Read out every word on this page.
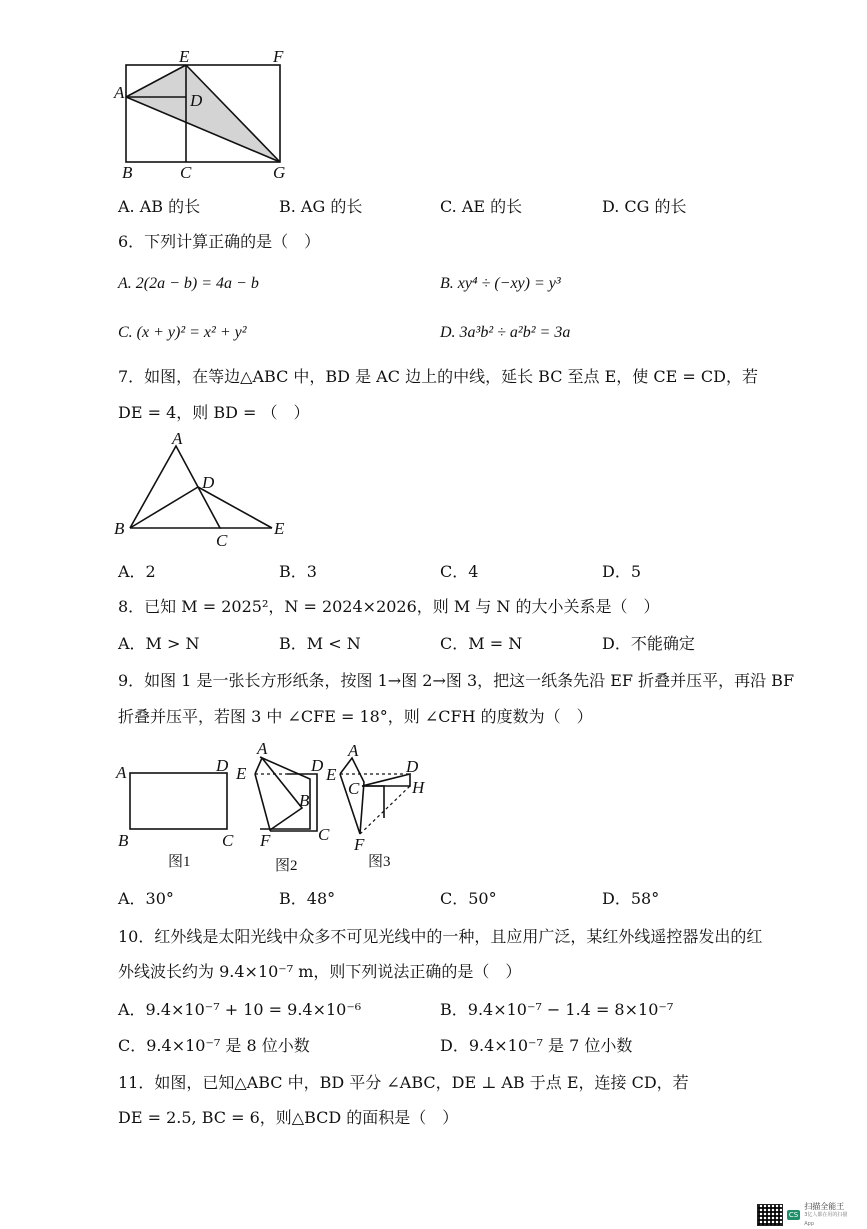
A
B	C
D
E	F
G
A. AB 的长	B. AG 的长	C. AE 的长	D. CG 的长
6．下列计算正确的是（　）
A. 2(2a − b) = 4a − b	B. xy⁴ ÷ (−xy) = y³
C. (x + y)² = x² + y²	D. 3a³b² ÷ a²b² = 3a
7．如图，在等边△ABC 中，BD 是 AC 边上的中线，延长 BC 至点 E，使 CE = CD，若
DE = 4，则 BD = （　）
A
B
C
D
E
A．2	B．3	C．4	D．5
8．已知 M = 2025²，N = 2024×2026，则 M 与 N 的大小关系是（　）
A．M > N	B．M < N	C．M = N	D．不能确定
9．如图 1 是一张长方形纸条，按图 1→图 2→图 3，把这一纸条先沿 EF 折叠并压平，再沿 BF
折叠并压平，若图 3 中 ∠CFE = 18°，则 ∠CFH 的度数为（　）
A	D
B	C
图1
A
E	D
B
F	C
图2
A
E	D
C	H
F
图3
A．30°	B．48°	C．50°	D．58°
10．红外线是太阳光线中众多不可见光线中的一种，且应用广泛，某红外线遥控器发出的红
外线波长约为 9.4×10⁻⁷ m，则下列说法正确的是（　）
A．9.4×10⁻⁷ + 10 = 9.4×10⁻⁶	B．9.4×10⁻⁷ − 1.4 = 8×10⁻⁷
C．9.4×10⁻⁷ 是 8 位小数	D．9.4×10⁻⁷ 是 7 位小数
11．如图，已知△ABC 中，BD 平分 ∠ABC，DE ⊥ AB 于点 E，连接 CD，若
DE = 2.5, BC = 6，则△BCD 的面积是（　）
CS
扫描全能王
3亿人都在用的扫描App
